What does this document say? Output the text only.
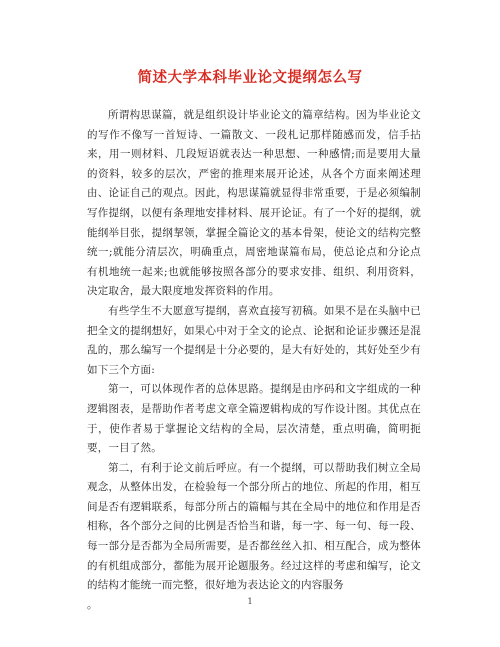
简述大学本科毕业论文提纲怎么写

所谓构思谋篇，就是组织设计毕业论文的篇章结构。因为毕业论文的写作不像写一首短诗、一篇散文、一段札记那样随感而发，信手拈来，用一则材料、几段短语就表达一种思想、一种感情;而是要用大量的资料，较多的层次，严密的推理来展开论述，从各个方面来阐述理由、论证自己的观点。因此，构思谋篇就显得非常重要，于是必须编制写作提纲，以便有条理地安排材料、展开论证。有了一个好的提纲，就能纲举目张，提纲挈领，掌握全篇论文的基本骨架，使论文的结构完整统一;就能分清层次，明确重点，周密地谋篇布局，使总论点和分论点有机地统一起来;也就能够按照各部分的要求安排、组织、利用资料，决定取舍，最大限度地发挥资料的作用。

有些学生不大愿意写提纲，喜欢直接写初稿。如果不是在头脑中已把全文的提纲想好，如果心中对于全文的论点、论据和论证步骤还是混乱的，那么编写一个提纲是十分必要的，是大有好处的，其好处至少有如下三个方面:

第一，可以体现作者的总体思路。提纲是由序码和文字组成的一种逻辑图表，是帮助作者考虑文章全篇逻辑构成的写作设计图。其优点在于，使作者易于掌握论文结构的全局，层次清楚，重点明确，简明扼要，一目了然。

第二，有利于论文前后呼应。有一个提纲，可以帮助我们树立全局观念，从整体出发，在检验每一个部分所占的地位、所起的作用，相互间是否有逻辑联系，每部分所占的篇幅与其在全局中的地位和作用是否相称，各个部分之间的比例是否恰当和谐，每一字、每一句、每一段、每一部分是否都为全局所需要，是否都丝丝入扣、相互配合，成为整体的有机组成部分，都能为展开论题服务。经过这样的考虑和编写，论文的结构才能统一而完整，很好地为表达论文的内容服务

。	1
